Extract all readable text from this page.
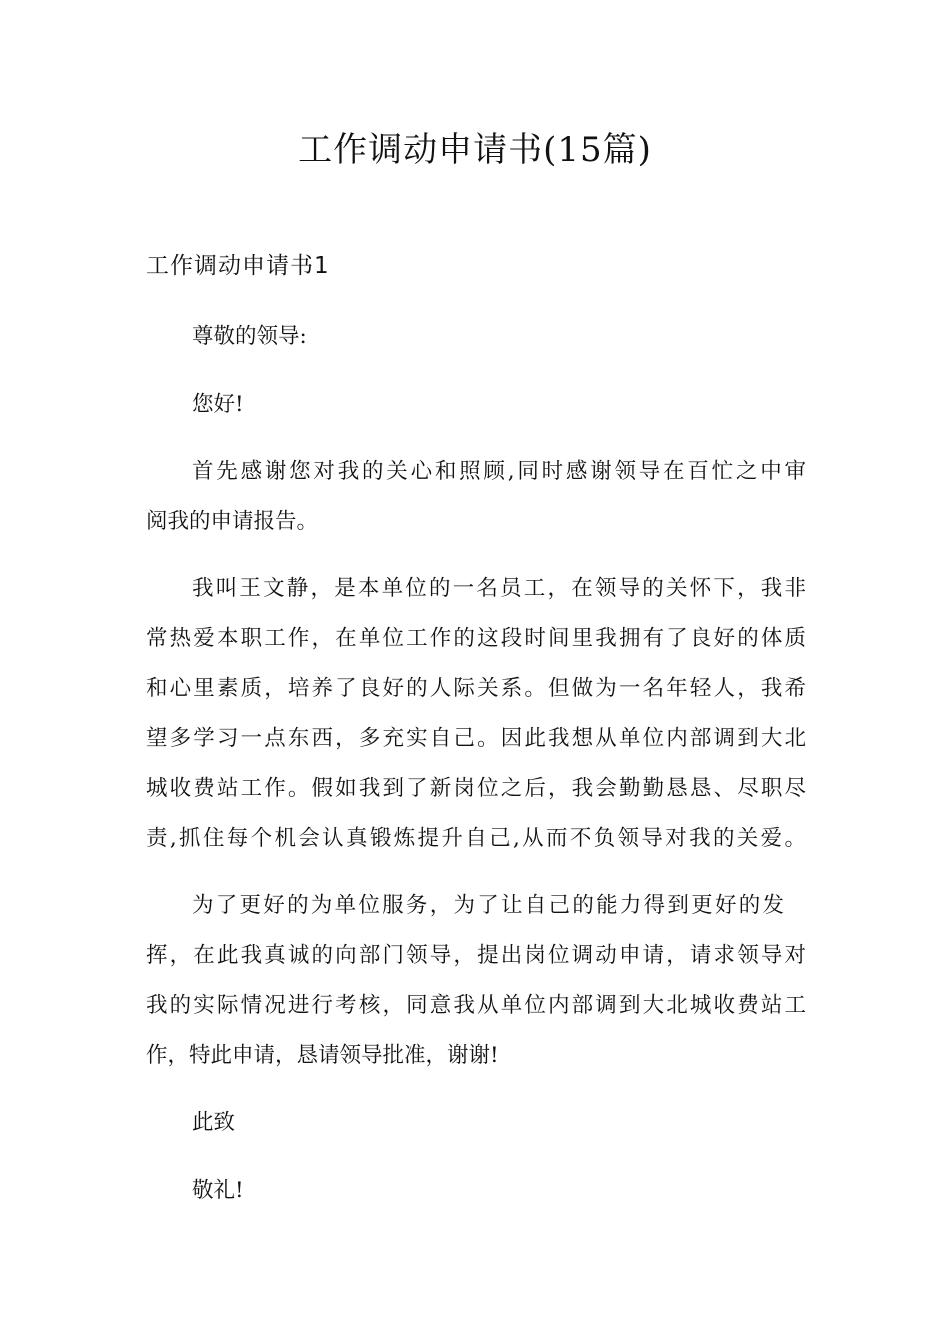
工作调动申请书(15篇)
工作调动申请书1
尊敬的领导:
您好!
首先感谢您对我的关心和照顾,同时感谢领导在百忙之中审
阅我的申请报告。
我叫王文静，是本单位的一名员工，在领导的关怀下，我非
常热爱本职工作，在单位工作的这段时间里我拥有了良好的体质
和心里素质，培养了良好的人际关系。但做为一名年轻人，我希
望多学习一点东西，多充实自己。因此我想从单位内部调到大北
城收费站工作。假如我到了新岗位之后，我会勤勤恳恳、尽职尽
责,抓住每个机会认真锻炼提升自己,从而不负领导对我的关爱。
为了更好的为单位服务，为了让自己的能力得到更好的发
挥，在此我真诚的向部门领导，提出岗位调动申请，请求领导对
我的实际情况进行考核，同意我从单位内部调到大北城收费站工
作，特此申请，恳请领导批准，谢谢!
此致
敬礼!
